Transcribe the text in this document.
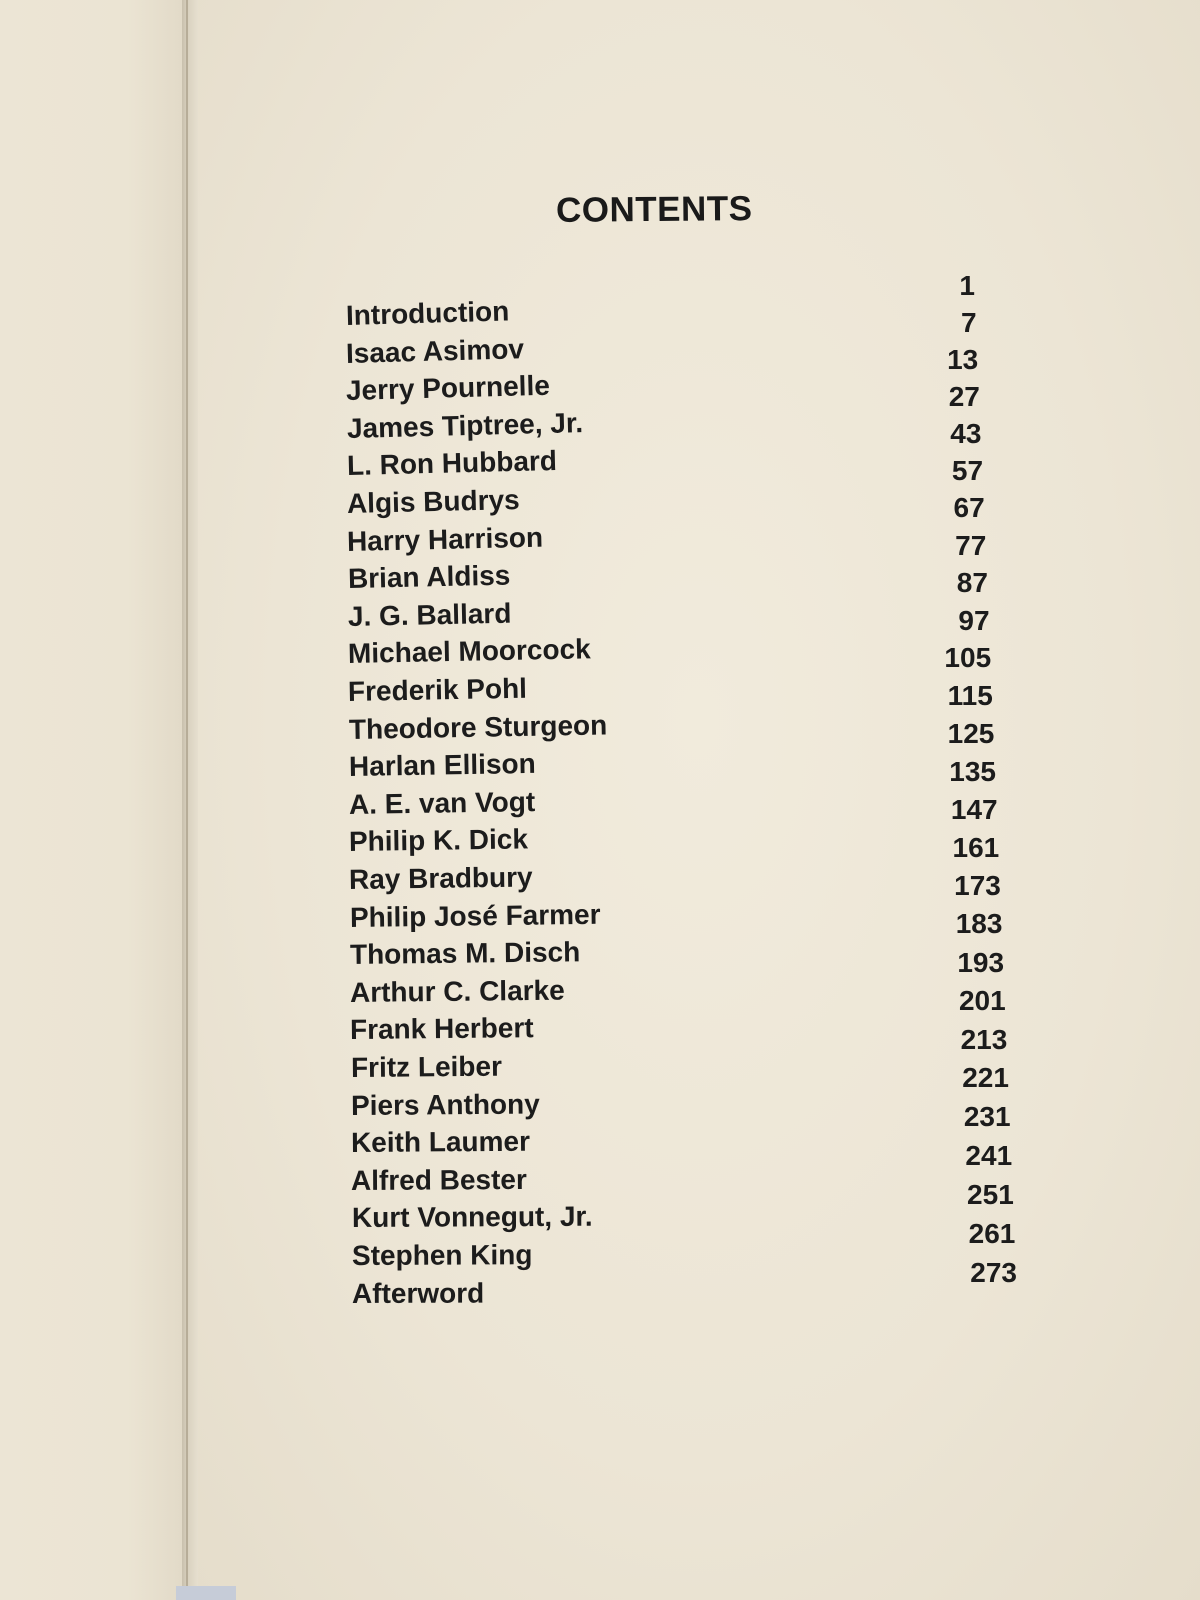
CONTENTS
Introduction
1
Isaac Asimov
7
Jerry Pournelle
13
James Tiptree, Jr.
27
L. Ron Hubbard
43
Algis Budrys
57
Harry Harrison
67
Brian Aldiss
77
J. G. Ballard
87
Michael Moorcock
97
Frederik Pohl
105
Theodore Sturgeon
115
Harlan Ellison
125
A. E. van Vogt
135
Philip K. Dick
147
Ray Bradbury
161
Philip José Farmer
173
Thomas M. Disch
183
Arthur C. Clarke
193
Frank Herbert
201
Fritz Leiber
213
Piers Anthony
221
Keith Laumer
231
Alfred Bester
241
Kurt Vonnegut, Jr.
251
Stephen King
261
Afterword
273
